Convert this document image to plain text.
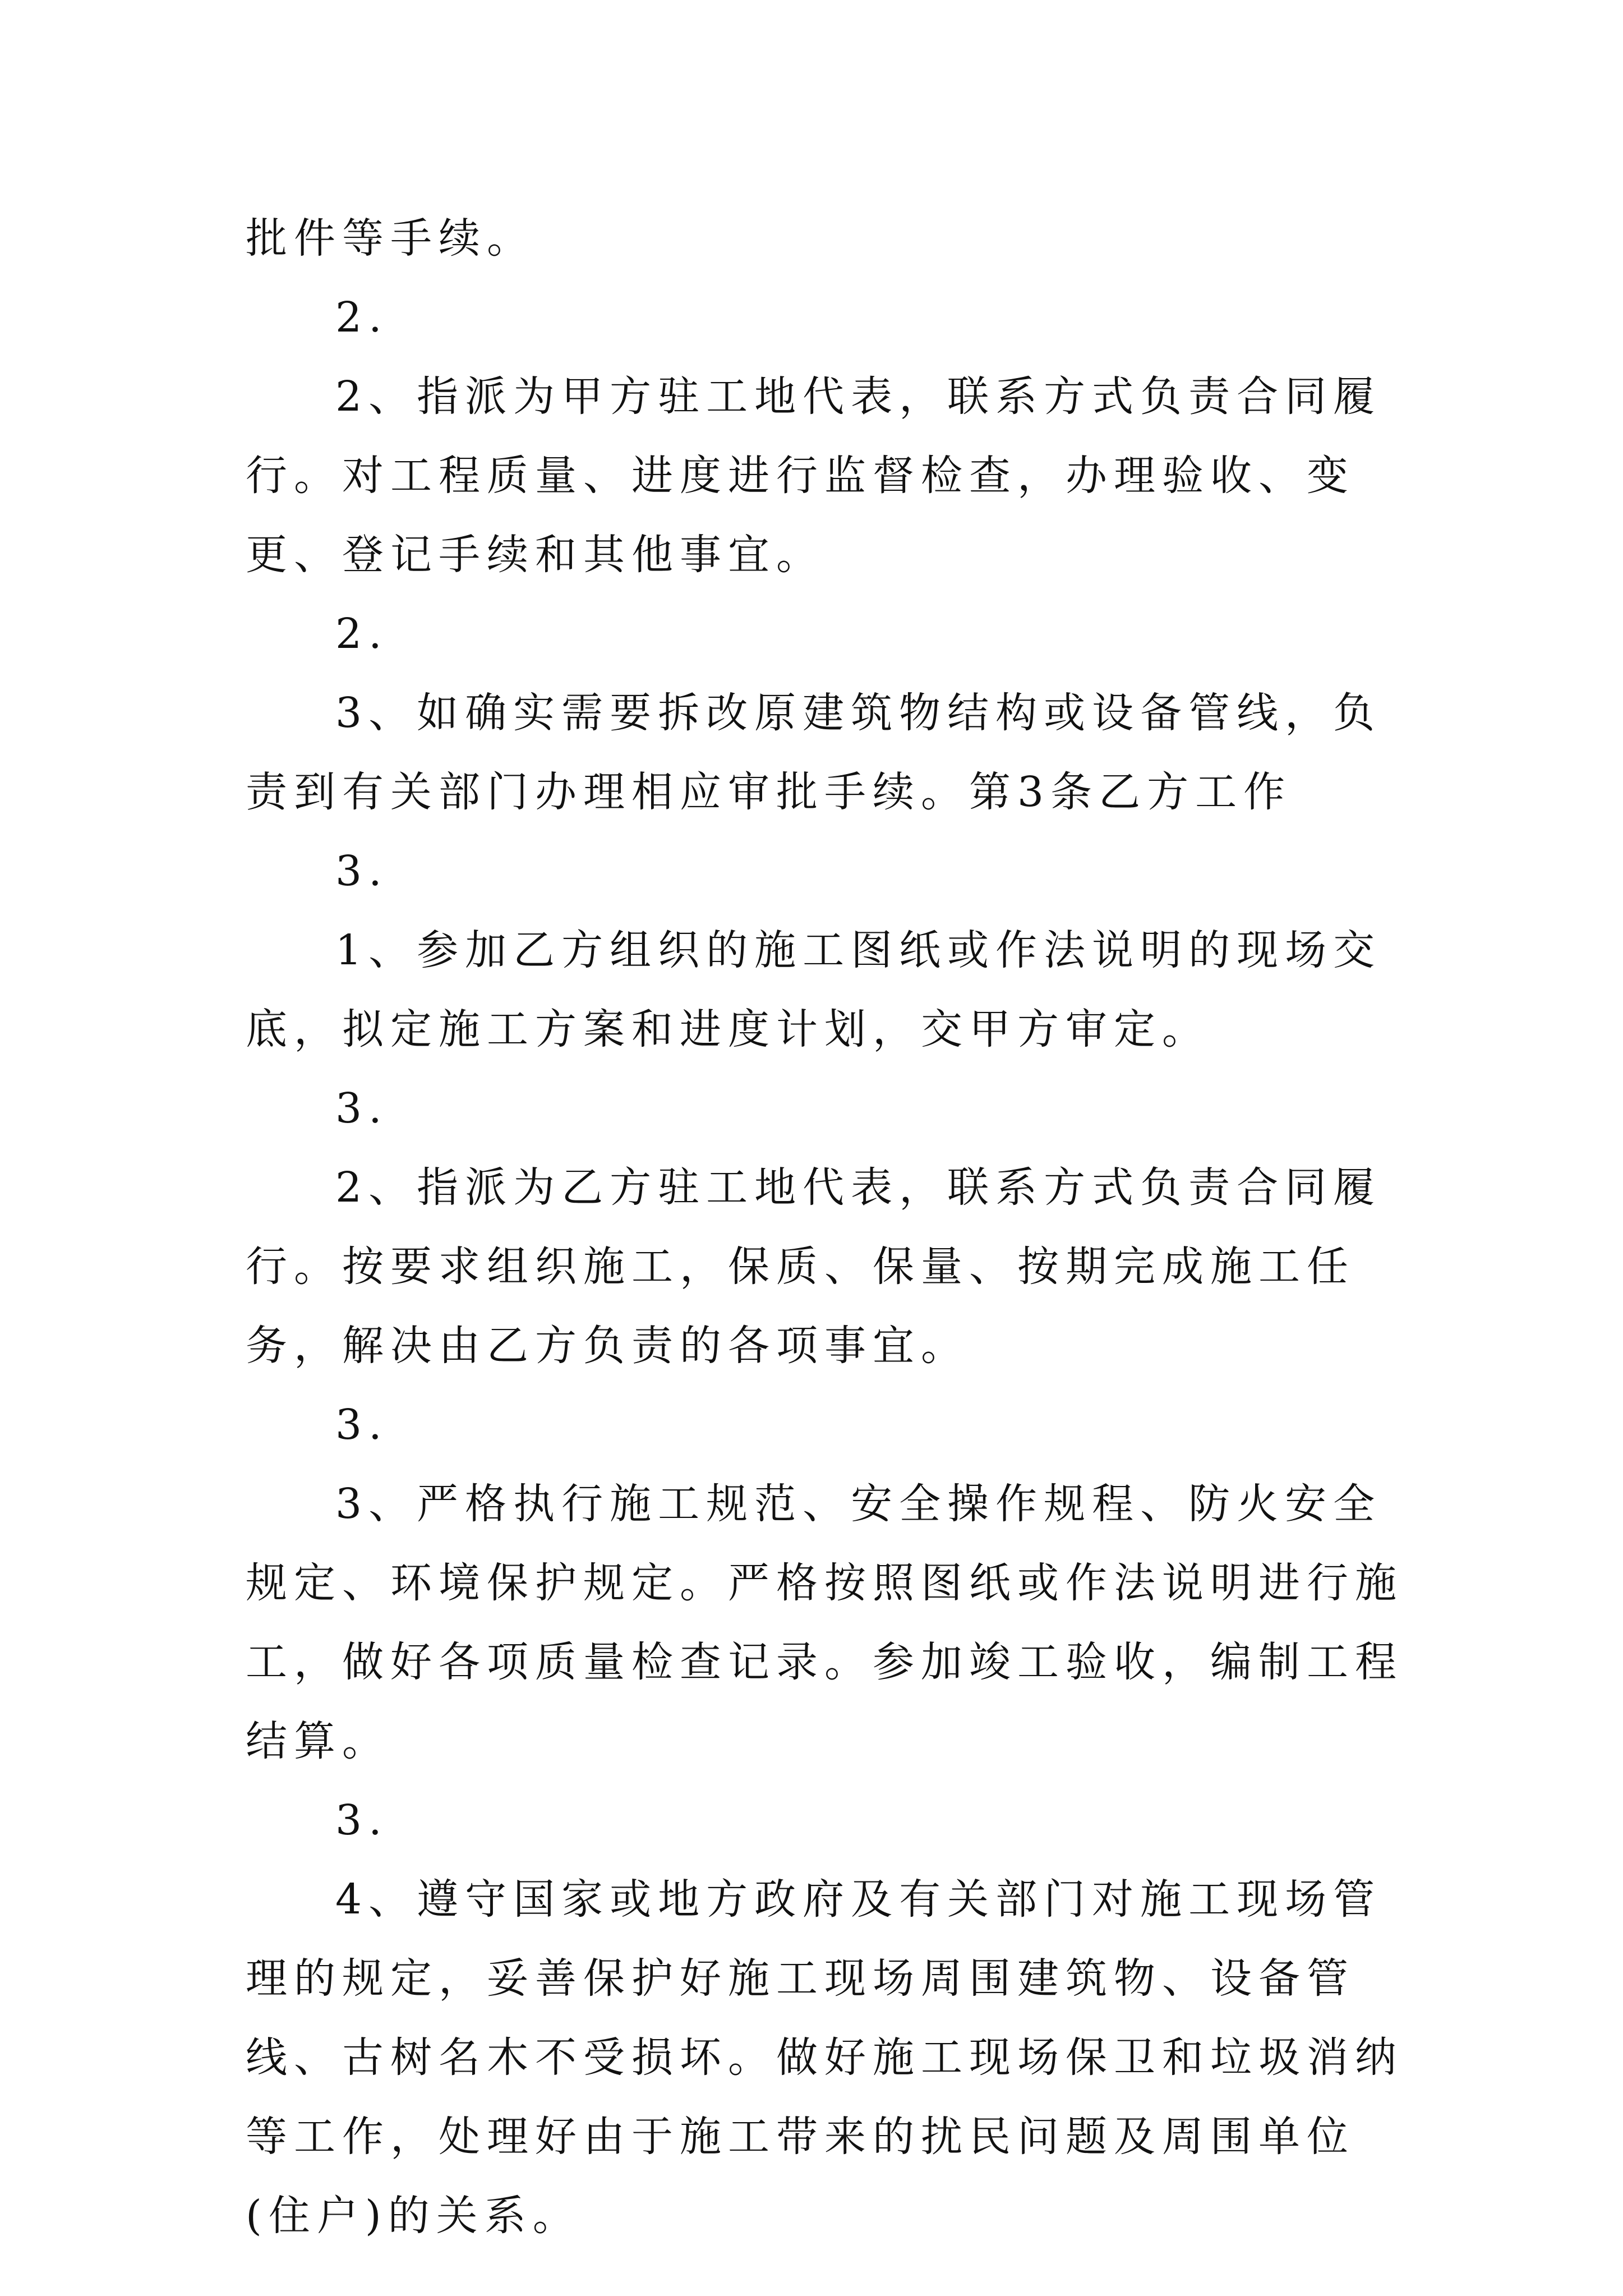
批件等手续。

2.

2、指派为甲方驻工地代表，联系方式负责合同履行。对工程质量、进度进行监督检查，办理验收、变更、登记手续和其他事宜。

2.

3、如确实需要拆改原建筑物结构或设备管线，负责到有关部门办理相应审批手续。第3条乙方工作

3.

1、参加乙方组织的施工图纸或作法说明的现场交底，拟定施工方案和进度计划，交甲方审定。

3.

2、指派为乙方驻工地代表，联系方式负责合同履行。按要求组织施工，保质、保量、按期完成施工任务，解决由乙方负责的各项事宜。

3.

3、严格执行施工规范、安全操作规程、防火安全规定、环境保护规定。严格按照图纸或作法说明进行施工，做好各项质量检查记录。参加竣工验收，编制工程结算。

3.

4、遵守国家或地方政府及有关部门对施工现场管理的规定，妥善保护好施工现场周围建筑物、设备管线、古树名木不受损坏。做好施工现场保卫和垃圾消纳等工作，处理好由于施工带来的扰民问题及周围单位(住户)的关系。
